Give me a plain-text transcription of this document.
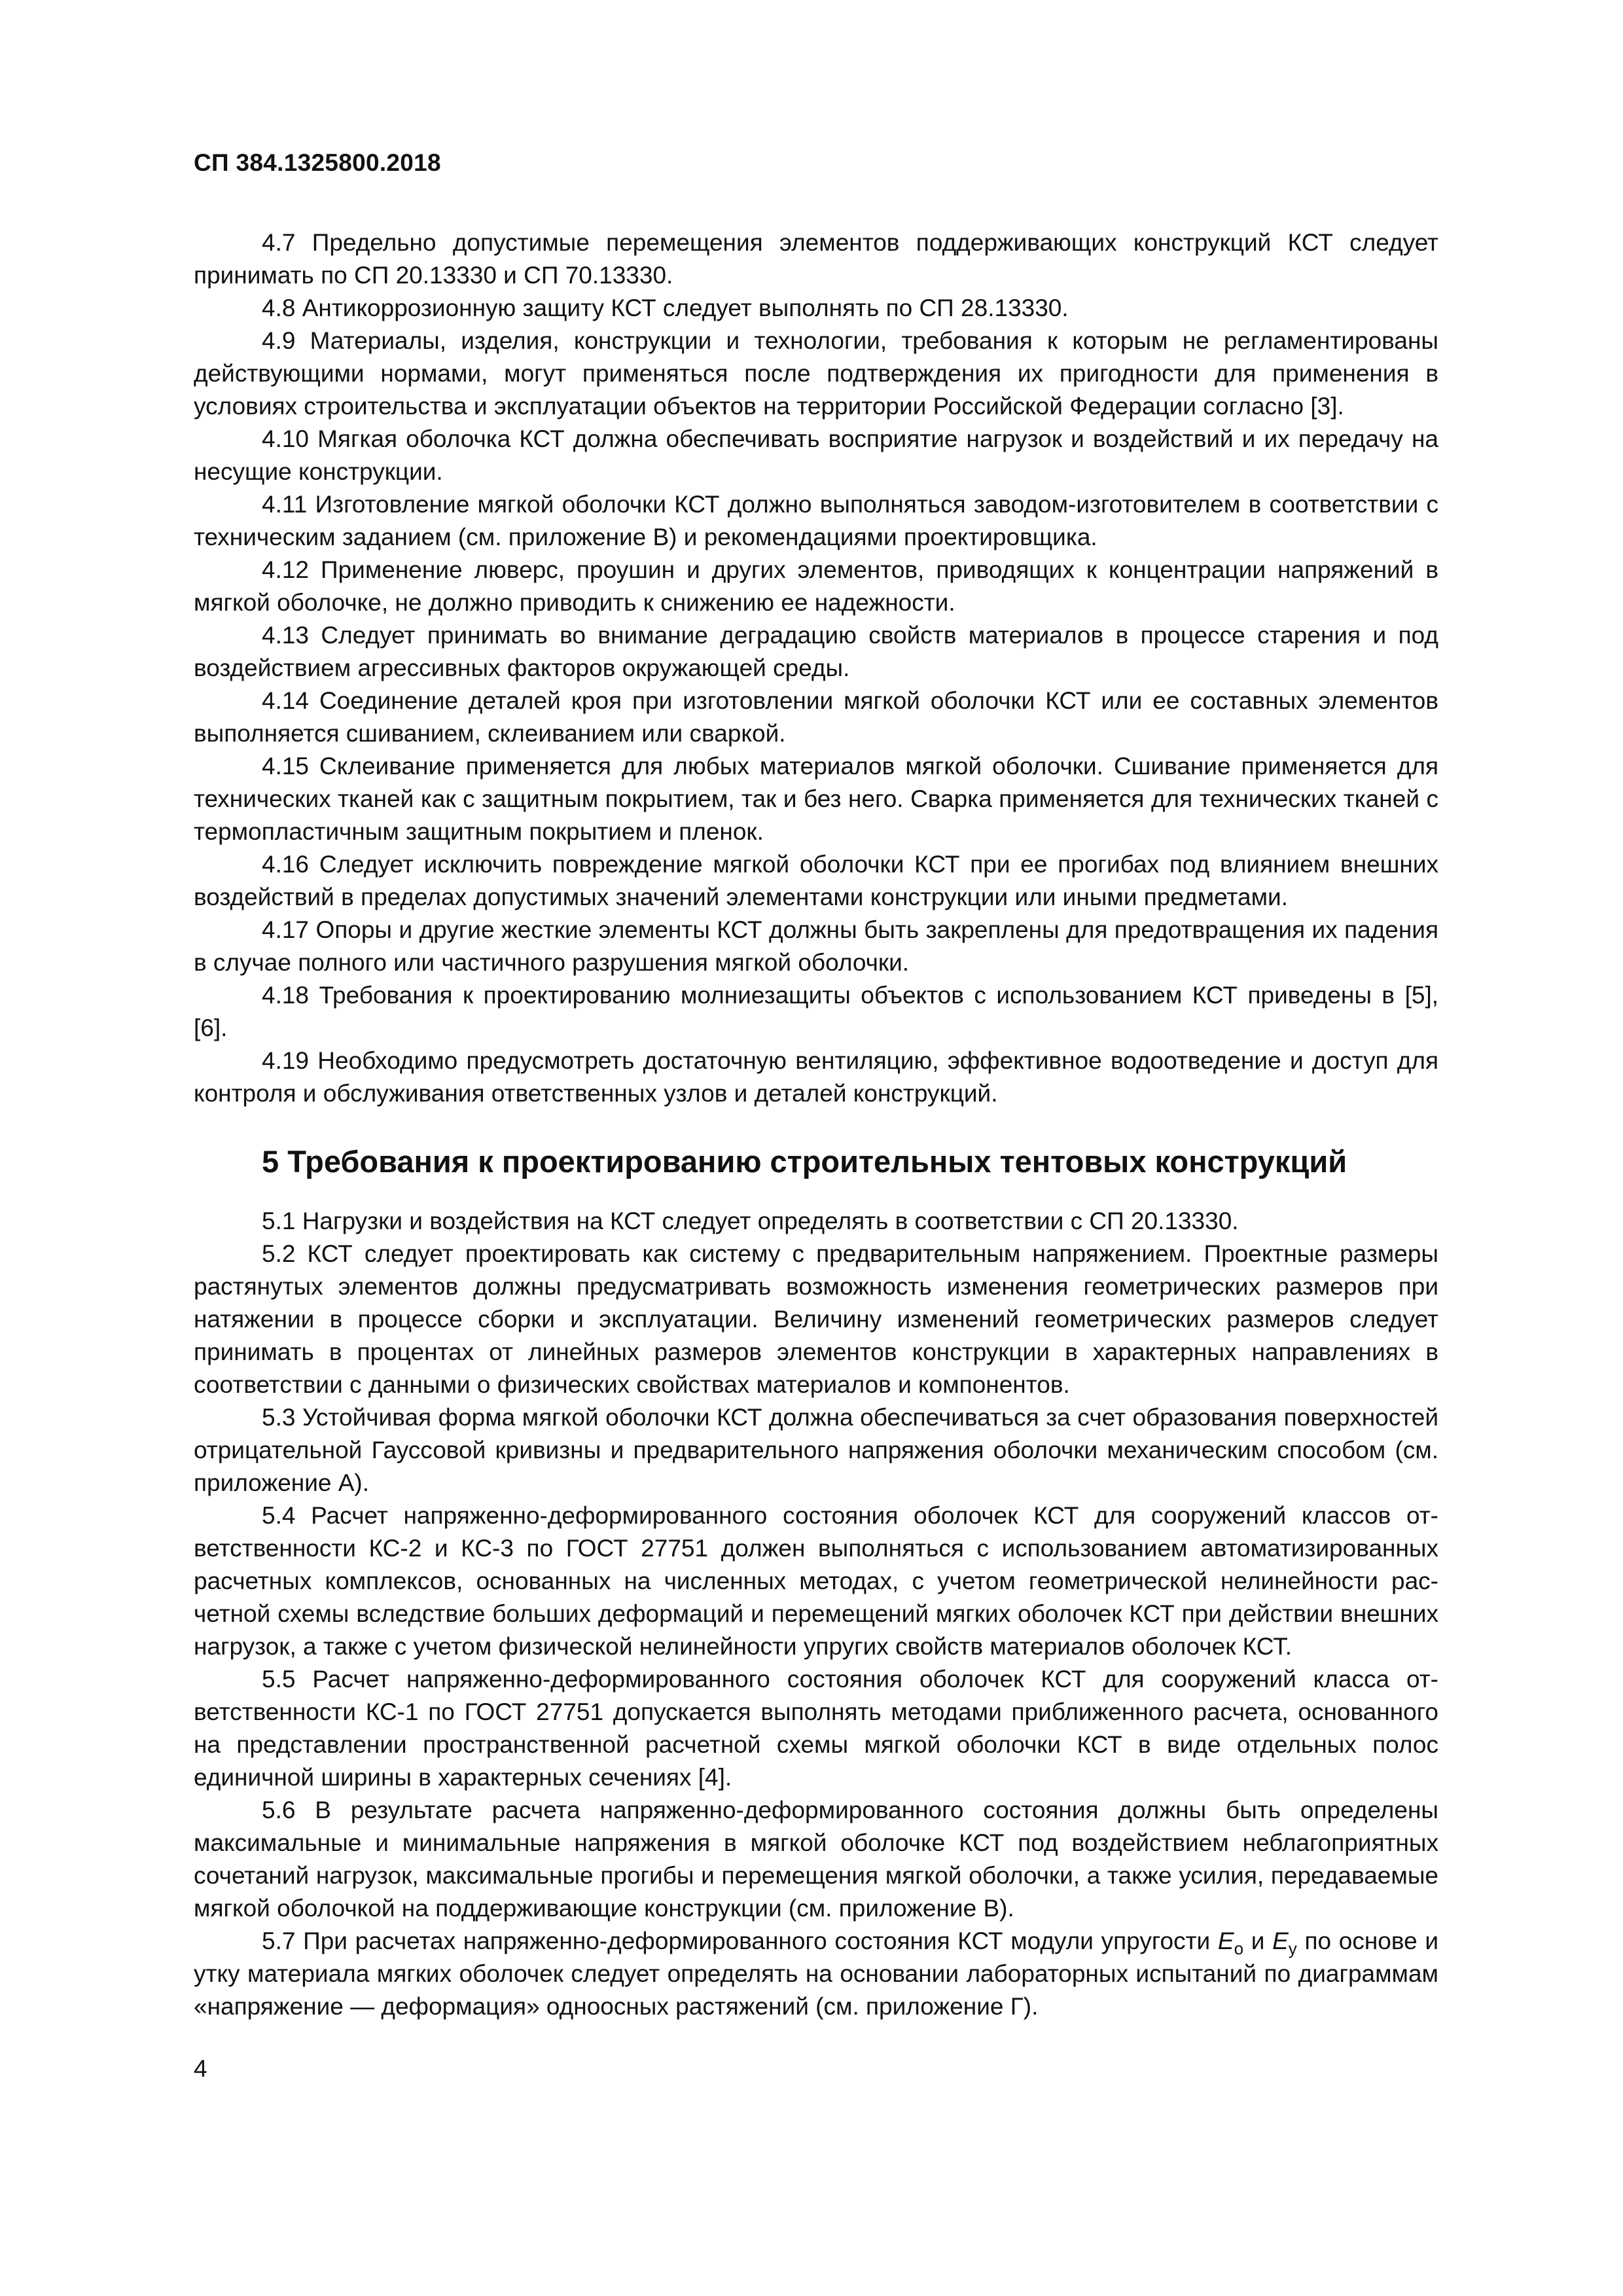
СП 384.1325800.2018

4.7 Предельно допустимые перемещения элементов поддерживающих конструкций КСТ следует принимать по СП 20.13330 и СП 70.13330.

4.8 Антикоррозионную защиту КСТ следует выполнять по СП 28.13330.

4.9 Материалы, изделия, конструкции и технологии, требования к которым не регламентированы действующими нормами, могут применяться после подтверждения их пригодности для применения в условиях строительства и эксплуатации объектов на территории Российской Федерации согласно [3].

4.10 Мягкая оболочка КСТ должна обеспечивать восприятие нагрузок и воздействий и их передачу на несущие конструкции.

4.11 Изготовление мягкой оболочки КСТ должно выполняться заводом-изготовителем в соответствии с техническим заданием (см. приложение В) и рекомендациями проектировщика.

4.12 Применение люверс, проушин и других элементов, приводящих к концентрации напряжений в мягкой оболочке, не должно приводить к снижению ее надежности.

4.13 Следует принимать во внимание деградацию свойств материалов в процессе старения и под воздействием агрессивных факторов окружающей среды.

4.14 Соединение деталей кроя при изготовлении мягкой оболочки КСТ или ее составных элементов выполняется сшиванием, склеиванием или сваркой.

4.15 Склеивание применяется для любых материалов мягкой оболочки. Сшивание применяется для технических тканей как с защитным покрытием, так и без него. Сварка применяется для технических тканей с термопластичным защитным покрытием и пленок.

4.16 Следует исключить повреждение мягкой оболочки КСТ при ее прогибах под влиянием внешних воздействий в пределах допустимых значений элементами конструкции или иными предметами.

4.17 Опоры и другие жесткие элементы КСТ должны быть закреплены для предотвращения их падения в случае полного или частичного разрушения мягкой оболочки.

4.18 Требования к проектированию молниезащиты объектов с использованием КСТ приведены в [5], [6].

4.19 Необходимо предусмотреть достаточную вентиляцию, эффективное водоотведение и доступ для контроля и обслуживания ответственных узлов и деталей конструкций.

5 Требования к проектированию строительных тентовых конструкций

5.1 Нагрузки и воздействия на КСТ следует определять в соответствии с СП 20.13330.

5.2 КСТ следует проектировать как систему с предварительным напряжением. Проектные размеры растянутых элементов должны предусматривать возможность изменения геометрических размеров при натяжении в процессе сборки и эксплуатации. Величину изменений геометрических размеров следует принимать в процентах от линейных размеров элементов конструкции в характерных направлениях в соответствии с данными о физических свойствах материалов и компонентов.

5.3 Устойчивая форма мягкой оболочки КСТ должна обеспечиваться за счет образования поверхностей отрицательной Гауссовой кривизны и предварительного напряжения оболочки механическим способом (см. приложение А).

5.4 Расчет напряженно-деформированного состояния оболочек КСТ для сооружений классов ответственности КС-2 и КС-3 по ГОСТ 27751 должен выполняться с использованием автоматизированных расчетных комплексов, основанных на численных методах, с учетом геометрической нелинейности расчетной схемы вследствие больших деформаций и перемещений мягких оболочек КСТ при действии внешних нагрузок, а также с учетом физической нелинейности упругих свойств материалов оболочек КСТ.

5.5 Расчет напряженно-деформированного состояния оболочек КСТ для сооружений класса ответственности КС-1 по ГОСТ 27751 допускается выполнять методами приближенного расчета, основанного на представлении пространственной расчетной схемы мягкой оболочки КСТ в виде отдельных полос единичной ширины в характерных сечениях [4].

5.6 В результате расчета напряженно-деформированного состояния должны быть определены максимальные и минимальные напряжения в мягкой оболочке КСТ под воздействием неблагоприятных сочетаний нагрузок, максимальные прогибы и перемещения мягкой оболочки, а также усилия, передаваемые мягкой оболочкой на поддерживающие конструкции (см. приложение В).

5.7 При расчетах напряженно-деформированного состояния КСТ модули упругости $E_o$ и $E_y$ по основе и утку материала мягких оболочек следует определять на основании лабораторных испытаний по диаграммам «напряжение — деформация» одноосных растяжений (см. приложение Г).

4
